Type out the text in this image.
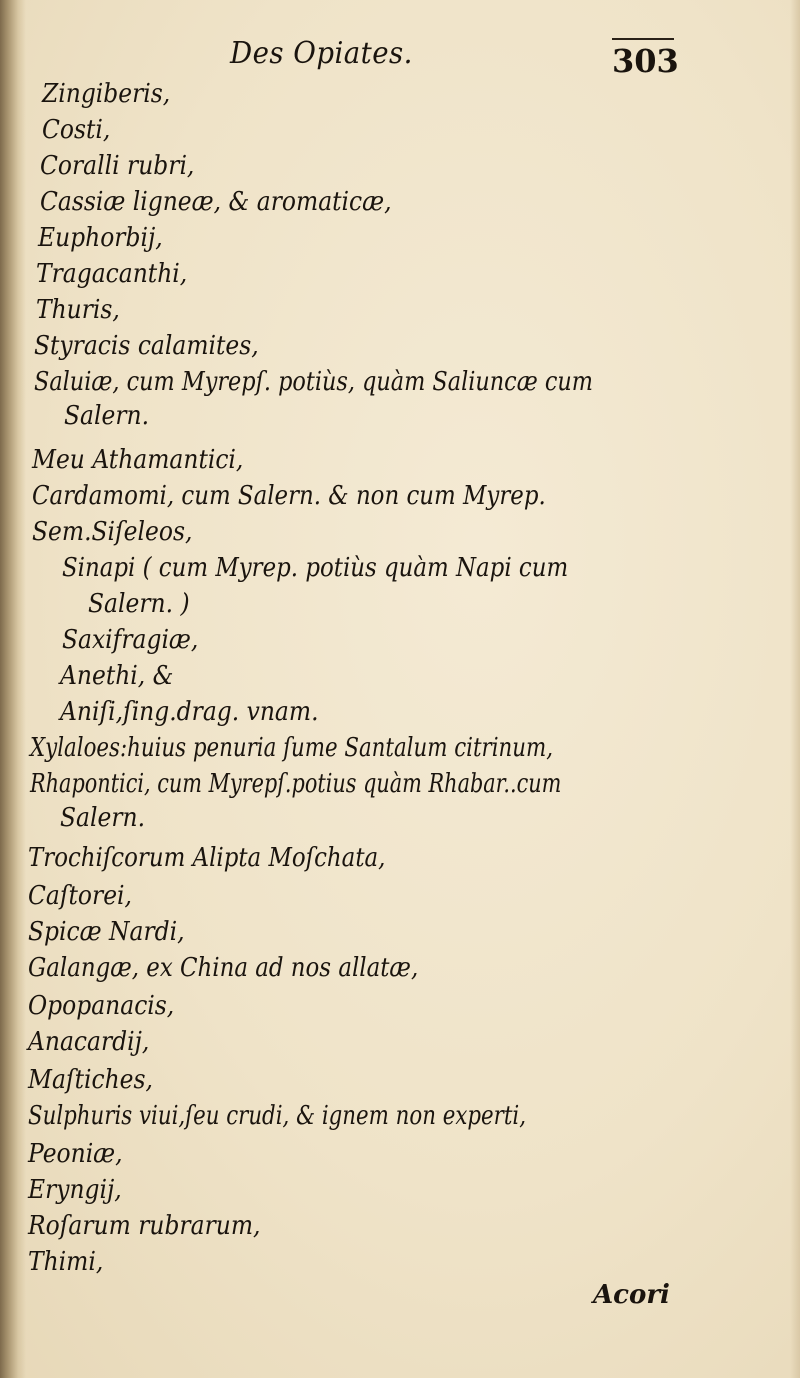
Des Opiates.	303
Zingiberis,
Costi,
Coralli rubri,
Cassiæ ligneæ, & aromaticæ,
Euphorbij,
Tragacanthi,
Thuris,
Styracis calamites,
Saluiæ, cum Myrepſ. potiùs, quàm Saliuncæ cum
Salern.
Meu Athamantici,
Cardamomi, cum Salern. & non cum Myrep.
Sem.Siſeleos,
Sinapi ( cum Myrep. potiùs quàm Napi cum
Salern. )
Saxifragiæ,
Anethi, &
Aniſi,ſing.drag. vnam.
Xylaloes:huius penuria ſume Santalum citrinum,
Rhapontici, cum Myrepſ.potius quàm Rhabar..cum
Salern.
Trochiſcorum Alipta Moſchata,
Caſtorei,
Spicæ Nardi,
Galangæ, ex China ad nos allatæ,
Opopanacis,
Anacardij,
Maſtiches,
Sulphuris viui,ſeu crudi, & ignem non experti,
Peoniæ,
Eryngij,
Roſarum rubrarum,
Thimi,
Acori
